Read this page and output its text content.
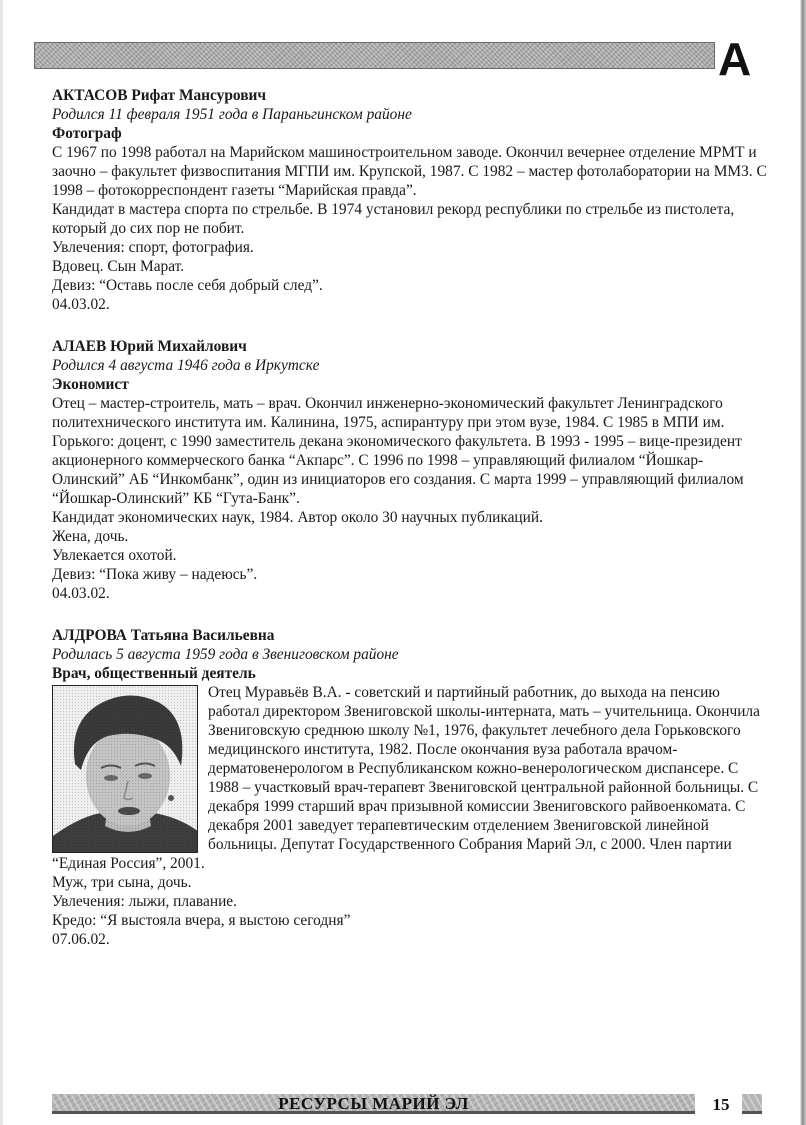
А
АКТАСОВ Рифат Мансурович
Родился 11 февраля 1951 года в Параньгинском районе
Фотограф

С 1967 по 1998 работал на Марийском машиностроительном заводе. Окончил вечернее отделение МРМТ и заочно – факультет физвоспитания МГПИ им. Крупской, 1987. С 1982 – мастер фотолаборатории на ММЗ. С 1998 – фотокорреспондент газеты “Марийская правда”.

Кандидат в мастера спорта по стрельбе. В 1974 установил рекорд республики по стрельбе из пистолета, который до сих пор не побит.

Увлечения: спорт, фотография.

Вдовец. Сын Марат.

Девиз: “Оставь после себя добрый след”.

04.03.02.

АЛАЕВ Юрий Михайлович
Родился 4 августа 1946 года в Иркутске
Экономист

Отец – мастер-строитель, мать – врач. Окончил инженерно-экономический факультет Ленинградского политехнического института им. Калинина, 1975, аспирантуру при этом вузе, 1984. С 1985 в МПИ им. Горького: доцент, с 1990 заместитель декана экономического факультета. В 1993 - 1995 – вице-президент акционерного коммерческого банка “Акпарс”. С 1996 по 1998 – управляющий филиалом “Йошкар-Олинский” АБ “Инкомбанк”, один из инициаторов его создания. С марта 1999 – управляющий филиалом “Йошкар-Олинский” КБ “Гута-Банк”.

Кандидат экономических наук, 1984. Автор около 30 научных публикаций.

Жена, дочь.

Увлекается охотой.

Девиз: “Пока живу – надеюсь”.

04.03.02.

АЛДРОВА Татьяна Васильевна
Родилась 5 августа 1959 года в Звениговском районе
Врач, общественный деятель

Отец Муравьёв В.А. - советский и партийный работник, до выхода на пенсию работал директором Звениговской школы-интерната, мать – учительница. Окончила Звениговскую среднюю школу №1, 1976, факультет лечебного дела Горьковского медицинского института, 1982. После окончания вуза работала врачом-дерматовенерологом в Республиканском кожно-венерологическом диспансере. С 1988 – участковый врач-терапевт Звениговской центральной районной больницы. С декабря 1999 старший врач призывной комиссии Звениговского райвоенкомата. С декабря 2001 заведует терапевтическим отделением Звениговской линейной больницы. Депутат Государственного Собрания Марий Эл, с 2000. Член партии “Единая Россия”, 2001.

Муж, три сына, дочь.

Увлечения: лыжи, плавание.

Кредо: “Я выстояла вчера, я выстою сегодня”

07.06.02.

РЕСУРСЫ МАРИЙ ЭЛ	15
